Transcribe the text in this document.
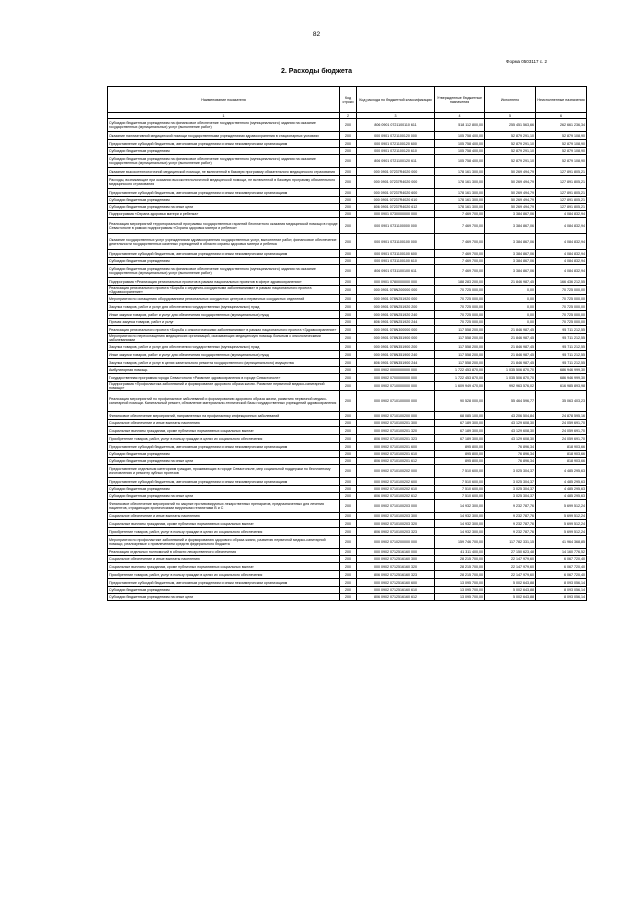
82
Форма 0503117 с. 2
2. Расходы бюджета
Наименование показателя	Код строки	Код расхода по бюджетной классификации	Утвержденные бюджетные назначения	Исполнено	Неисполненные назначения
1	2	3	4	5	6
Субсидии бюджетным учреждениям на финансовое обеспечение государственного (муниципального) задания на оказание государственных (муниципальных) услуг (выполнение работ)	200	806 0901 0721100110 611	518 112 800,00	255 451 563,66	262 661 236,34
Оказание паллиативной медицинской помощи государственными учреждениями здравоохранения в стационарных условиях	200	000 0901 0721100120 000	105 758 400,00	52 879 291,10	52 879 108,90
Предоставление субсидий бюджетным, автономным учреждениям и иным некоммерческим организациям	200	000 0901 0721100120 600	105 758 400,00	52 879 291,10	52 879 108,90
Субсидии бюджетным учреждениям	200	000 0901 0721100120 610	105 758 400,00	52 879 291,10	52 879 108,90
Субсидии бюджетным учреждениям на финансовое обеспечение государственного (муниципального) задания на оказание государственных (муниципальных) услуг (выполнение работ)	200	806 0901 0721100120 611	105 758 400,00	52 879 291,10	52 879 108,90
Оказание высокотехнологичной медицинской помощи, не включенной в базовую программу обязательного медицинского страхования	200	000 0901 07237R4020 000	178 161 300,00	50 269 494,79	127 891 805,21
Расходы, возникающие при оказании высокотехнологичной медицинской помощи, не включенной в базовую программу обязательного медицинского страхования	200	000 0901 07237R4020 000	178 161 300,00	50 269 494,79	127 891 805,21
Предоставление субсидий бюджетным, автономным учреждениям и иным некоммерческим организациям	200	000 0901 07237R4020 600	178 161 300,00	50 269 494,79	127 891 805,21
Субсидии бюджетным учреждениям	200	000 0901 07237R4020 610	178 161 300,00	50 269 494,79	127 891 805,21
Субсидии бюджетным учреждениям на иные цели	200	806 0901 07237R4020 612	178 161 300,00	50 269 494,79	127 891 805,21
Подпрограмма «Охрана здоровья матери и ребенка»	200	000 0901 0730000000 000	7 469 700,00	3 384 867,06	4 084 832,94
Реализация мероприятий территориальной программы государственных гарантий бесплатного оказания медицинской помощи в городе Севастополе в рамках подпрограммы «Охрана здоровья матери и ребенка»	200	000 0901 0731100000 000	7 469 700,00	3 384 867,06	4 084 832,94
Оказание государственных услуг учреждениями здравоохранения государственных услуг, выполнение работ, финансовое обеспечение деятельности государственных казенных учреждений в области охраны здоровья матери и ребенка	200	000 0901 0731100100 000	7 469 700,00	3 384 867,06	4 084 832,94
Предоставление субсидий бюджетным, автономным учреждениям и иным некоммерческим организациям	200	000 0901 0731100100 600	7 469 700,00	3 384 867,06	4 084 832,94
Субсидии бюджетным учреждениям	200	000 0901 0731100100 610	7 469 700,00	3 384 867,06	4 084 832,94
Субсидии бюджетным учреждениям на финансовое обеспечение государственного (муниципального) задания на оказание государственных (муниципальных) услуг (выполнение работ)	200	806 0901 0731100100 611	7 469 700,00	3 384 867,06	4 084 832,94
Подпрограмма «Реализация региональных проектов в рамках национальных проектов в сфере здравоохранения»	200	000 0901 0780000000 000	188 283 200,00	21 846 987,45	166 436 212,55
Реализация регионального проекта «Борьба с сердечно-сосудистыми заболеваниями» в рамках национального проекта «Здравоохранение»	200	000 0901 078N200000 000	70 725 000,00	0,00	70 725 000,00
Мероприятия по оснащению оборудованием региональных сосудистых центров и первичных сосудистых отделений	200	000 0901 078N251920 000	70 725 000,00	0,00	70 725 000,00
Закупка товаров, работ и услуг для обеспечения государственных (муниципальных) нужд	200	000 0901 078N251920 200	70 725 000,00	0,00	70 725 000,00
Иные закупки товаров, работ и услуг для обеспечения государственных (муниципальных) нужд	200	000 0901 078N251920 240	70 725 000,00	0,00	70 725 000,00
Прочая закупка товаров, работ и услуг	200	806 0901 078N251920 244	70 725 000,00	0,00	70 725 000,00
Реализация регионального проекта «Борьба с онкологическими заболеваниями» в рамках национального проекта «Здравоохранение»	200	000 0901 078N300000 000	117 558 200,00	21 846 987,45	95 711 212,55
Мероприятия по переоснащению медицинских организаций, оказывающих медицинскую помощь больным с онкологическими заболеваниями	200	000 0901 078N351900 000	117 558 200,00	21 846 987,45	95 711 212,55
Закупка товаров, работ и услуг для обеспечения государственных (муниципальных) нужд	200	000 0901 078N351900 200	117 558 200,00	21 846 987,45	95 711 212,55
Иные закупки товаров, работ и услуг для обеспечения государственных (муниципальных) нужд	200	000 0901 078N351900 240	117 558 200,00	21 846 987,45	95 711 212,55
Закупка товаров, работ и услуг в целях капитального ремонта государственного (муниципального) имущества	200	806 0901 078N351900 244	117 558 200,00	21 846 987,45	95 711 212,55
Амбулаторная помощь	200	000 0902 0000000000 000	1 722 453 870,00	1 035 506 870,70	686 946 999,30
Государственная программа города Севастополя «Развитие здравоохранения в городе Севастополе»	200	000 0902 0700000000 000	1 722 453 870,00	1 035 506 870,70	686 946 999,30
Подпрограмма «Профилактика заболеваний и формирование здорового образа жизни. Развитие первичной медико-санитарной помощи»	200	000 0902 0710000000 000	1 609 949 470,00	992 963 576,02	616 985 893,98
Реализация мероприятий по профилактике заболеваний и формированию здорового образа жизни, развитию первичной медико-санитарной помощи. Капитальный ремонт, обновление материально-технической базы государственных учреждений здравоохранения	200	000 0902 0710100000 000	90 528 000,00	55 464 596,77	35 063 403,23
Финансовое обеспечение мероприятий, направленных на профилактику инфекционных заболеваний	200	000 0902 0710100200 000	68 085 100,00	43 206 504,84	24 878 595,16
Социальное обеспечение и иные выплаты населению	200	000 0902 0710100201 300	67 189 300,00	43 129 608,30	24 059 691,70
Социальные выплаты гражданам, кроме публичных нормативных социальных выплат	200	000 0902 0710100201 320	67 189 300,00	43 129 608,30	24 059 691,70
Приобретение товаров, работ, услуг в пользу граждан в целях их социального обеспечения	200	806 0902 0710100201 323	67 189 300,00	43 129 608,30	24 059 691,70
Предоставление субсидий бюджетным, автономным учреждениям и иным некоммерческим организациям	200	000 0902 0710100201 600	895 800,00	76 896,34	818 903,66
Субсидии бюджетным учреждениям	200	000 0902 0710100201 610	895 800,00	76 896,34	818 903,66
Субсидии бюджетным учреждениям на иные цели	200	806 0902 0710100201 612	895 800,00	76 896,34	818 903,66
Предоставление отдельным категориям граждан, проживающих в городе Севастополе, мер социальной поддержки по бесплатному изготовлению и ремонту зубных протезов	200	000 0902 0710100202 000	7 510 600,00	3 025 304,37	4 485 295,63
Предоставление субсидий бюджетным, автономным учреждениям и иным некоммерческим организациям	200	000 0902 0710100202 600	7 510 600,00	3 025 304,37	4 485 295,63
Субсидии бюджетным учреждениям	200	000 0902 0710100202 610	7 510 600,00	3 025 304,37	4 485 295,63
Субсидии бюджетным учреждениям на иные цели	200	806 0902 0710100202 612	7 510 600,00	3 025 304,37	4 485 295,63
Финансовое обеспечение мероприятий по закупке противовирусных лекарственных препаратов, предназначенных для лечения пациентов, страдающих хроническими вирусными гепатитами В и С	200	000 0902 0710100203 000	14 932 300,00	9 232 787,76	5 699 512,24
Социальное обеспечение и иные выплаты населению	200	000 0902 0710100203 300	14 932 300,00	9 232 787,76	5 699 512,24
Социальные выплаты гражданам, кроме публичных нормативных социальных выплат	200	000 0902 0710100203 320	14 932 300,00	9 232 787,76	5 699 512,24
Приобретение товаров, работ, услуг в пользу граждан в целях их социального обеспечения	200	806 0902 0710100203 323	14 932 300,00	9 232 787,76	5 699 512,24
Мероприятия по профилактике заболеваний и формированию здорового образа жизни, развитию первичной медико-санитарной помощи, реализуемые с привлечением средств федерального бюджета	200	000 0902 0710200000 000	159 746 700,00	117 782 331,15	41 964 368,85
Реализация отдельных полномочий в области лекарственного обеспечения	200	000 0902 0712516160 000	41 311 400,00	27 150 623,48	14 160 776,52
Социальное обеспечение и иные выплаты населению	200	000 0902 0712516160 300	28 215 700,00	22 147 979,60	6 067 720,40
Социальные выплаты гражданам, кроме публичных нормативных социальных выплат	200	000 0902 0712516160 320	28 215 700,00	22 147 979,60	6 067 720,40
Приобретение товаров, работ, услуг в пользу граждан в целях их социального обеспечения	200	806 0902 0712516160 323	28 215 700,00	22 147 979,60	6 067 720,40
Предоставление субсидий бюджетным, автономным учреждениям и иным некоммерческим организациям	200	000 0902 0712516160 600	13 095 700,00	5 002 643,88	8 093 056,14
Субсидии бюджетным учреждениям	200	000 0902 0712516160 610	13 095 700,00	5 002 643,88	8 093 056,14
Субсидии бюджетным учреждениям на иные цели	200	806 0902 0712516160 612	13 095 700,00	5 002 643,88	8 093 056,14
